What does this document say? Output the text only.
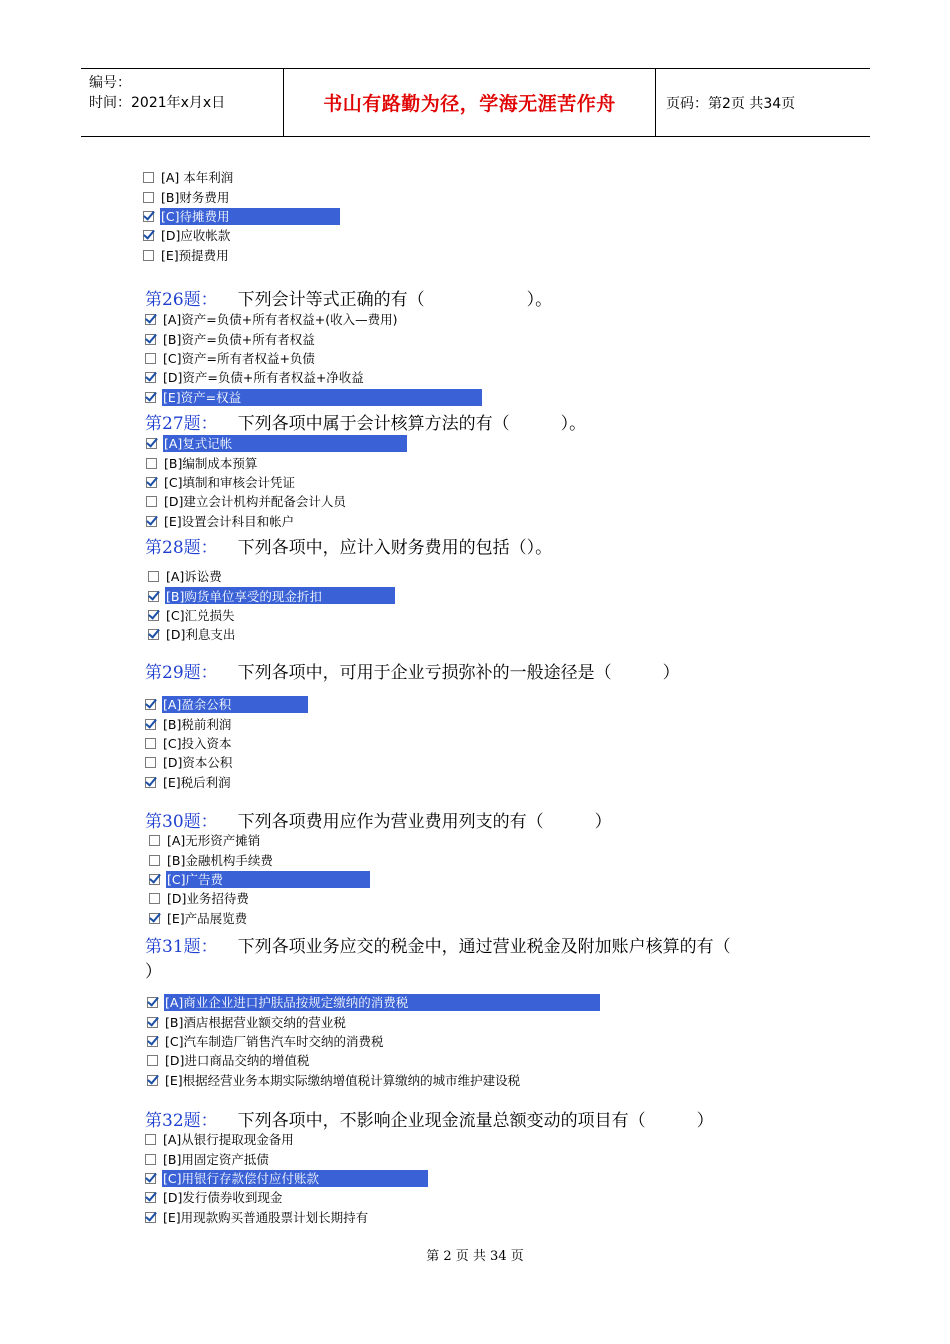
编号：
时间：2021年x月x日	书山有路勤为径，学海无涯苦作舟	页码：第2页 共34页
[A] 本年利润
[B]财务费用
[C]待摊费用
[D]应收帐款
[E]预提费用
第26题： 下列会计等式正确的有（　　　　　　）。
[A]资产=负债+所有者权益+(收入—费用)
[B]资产=负债+所有者权益
[C]资产=所有者权益+负债
[D]资产=负债+所有者权益+净收益
[E]资产=权益
第27题： 下列各项中属于会计核算方法的有（　　　）。
[A]复式记帐
[B]编制成本预算
[C]填制和审核会计凭证
[D]建立会计机构并配备会计人员
[E]设置会计科目和帐户
第28题： 下列各项中，应计入财务费用的包括（）。
[A]诉讼费
[B]购货单位享受的现金折扣
[C]汇兑损失
[D]利息支出
第29题： 下列各项中，可用于企业亏损弥补的一般途径是（　　　）
[A]盈余公积
[B]税前利润
[C]投入资本
[D]资本公积
[E]税后利润
第30题： 下列各项费用应作为营业费用列支的有（　　　）
[A]无形资产摊销
[B]金融机构手续费
[C]广告费
[D]业务招待费
[E]产品展览费
第31题： 下列各项业务应交的税金中，通过营业税金及附加账户核算的有（
）
[A]商业企业进口护肤品按规定缴纳的消费税
[B]酒店根据营业额交纳的营业税
[C]汽车制造厂销售汽车时交纳的消费税
[D]进口商品交纳的增值税
[E]根据经营业务本期实际缴纳增值税计算缴纳的城市维护建设税
第32题： 下列各项中，不影响企业现金流量总额变动的项目有（　　　）
[A]从银行提取现金备用
[B]用固定资产抵债
[C]用银行存款偿付应付账款
[D]发行债券收到现金
[E]用现款购买普通股票计划长期持有
第 2 页 共 34 页
